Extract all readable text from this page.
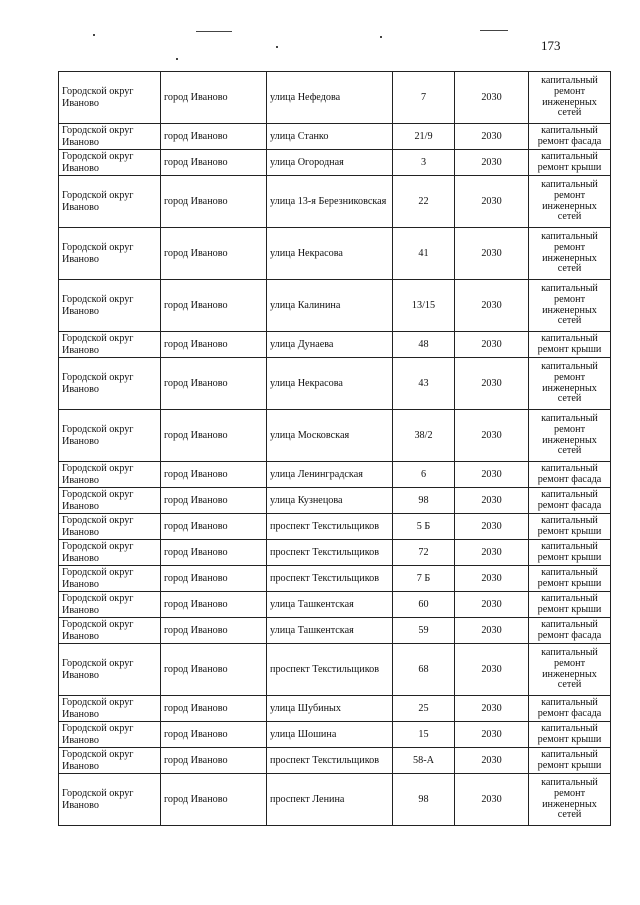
173
Городской округ Иваново	город Иваново	улица Нефедова	7	2030	капитальный ремонт инженерных сетей
Городской округ Иваново	город Иваново	улица Станко	21/9	2030	капитальный ремонт фасада
Городской округ Иваново	город Иваново	улица Огородная	3	2030	капитальный ремонт крыши
Городской округ Иваново	город Иваново	улица 13-я Березниковская	22	2030	капитальный ремонт инженерных сетей
Городской округ Иваново	город Иваново	улица Некрасова	41	2030	капитальный ремонт инженерных сетей
Городской округ Иваново	город Иваново	улица Калинина	13/15	2030	капитальный ремонт инженерных сетей
Городской округ Иваново	город Иваново	улица Дунаева	48	2030	капитальный ремонт крыши
Городской округ Иваново	город Иваново	улица Некрасова	43	2030	капитальный ремонт инженерных сетей
Городской округ Иваново	город Иваново	улица Московская	38/2	2030	капитальный ремонт инженерных сетей
Городской округ Иваново	город Иваново	улица Ленинградская	6	2030	капитальный ремонт фасада
Городской округ Иваново	город Иваново	улица Кузнецова	98	2030	капитальный ремонт фасада
Городской округ Иваново	город Иваново	проспект Текстильщиков	5 Б	2030	капитальный ремонт крыши
Городской округ Иваново	город Иваново	проспект Текстильщиков	72	2030	капитальный ремонт крыши
Городской округ Иваново	город Иваново	проспект Текстильщиков	7 Б	2030	капитальный ремонт крыши
Городской округ Иваново	город Иваново	улица Ташкентская	60	2030	капитальный ремонт крыши
Городской округ Иваново	город Иваново	улица Ташкентская	59	2030	капитальный ремонт фасада
Городской округ Иваново	город Иваново	проспект Текстильщиков	68	2030	капитальный ремонт инженерных сетей
Городской округ Иваново	город Иваново	улица Шубиных	25	2030	капитальный ремонт фасада
Городской округ Иваново	город Иваново	улица Шошина	15	2030	капитальный ремонт крыши
Городской округ Иваново	город Иваново	проспект Текстильщиков	58-А	2030	капитальный ремонт крыши
Городской округ Иваново	город Иваново	проспект Ленина	98	2030	капитальный ремонт инженерных сетей
